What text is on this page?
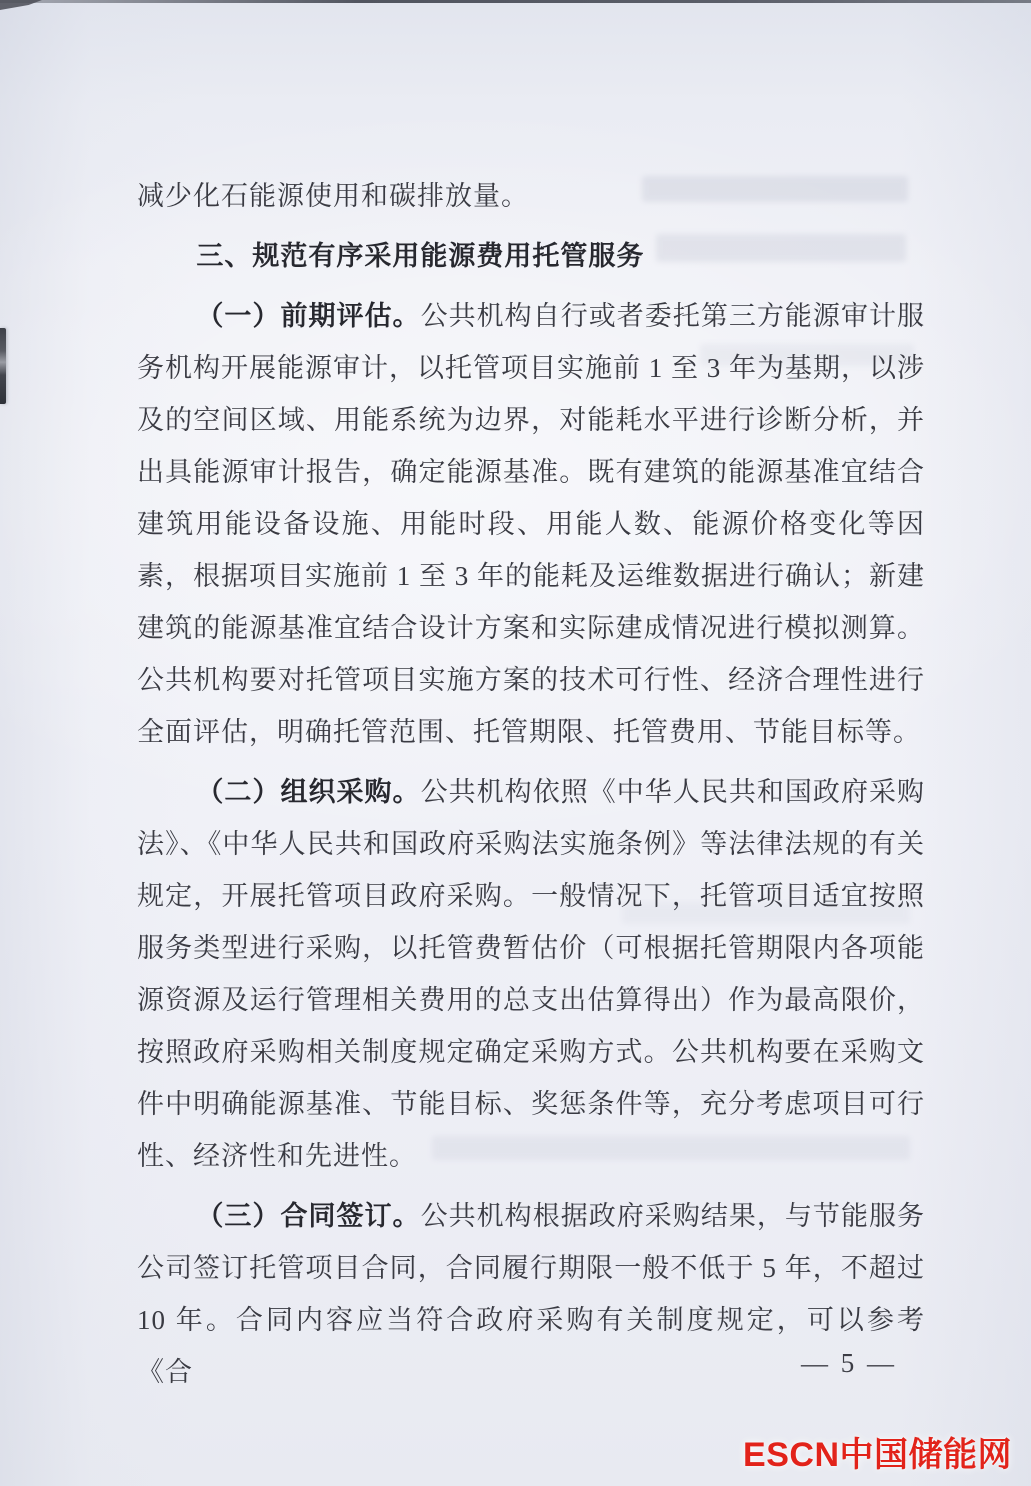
减少化石能源使用和碳排放量。

三、规范有序采用能源费用托管服务

（一）前期评估。公共机构自行或者委托第三方能源审计服务机构开展能源审计，以托管项目实施前 1 至 3 年为基期，以涉及的空间区域、用能系统为边界，对能耗水平进行诊断分析，并出具能源审计报告，确定能源基准。既有建筑的能源基准宜结合建筑用能设备设施、用能时段、用能人数、能源价格变化等因素，根据项目实施前 1 至 3 年的能耗及运维数据进行确认；新建建筑的能源基准宜结合设计方案和实际建成情况进行模拟测算。公共机构要对托管项目实施方案的技术可行性、经济合理性进行全面评估，明确托管范围、托管期限、托管费用、节能目标等。

（二）组织采购。公共机构依照《中华人民共和国政府采购法》、《中华人民共和国政府采购法实施条例》等法律法规的有关规定，开展托管项目政府采购。一般情况下，托管项目适宜按照服务类型进行采购，以托管费暂估价（可根据托管期限内各项能源资源及运行管理相关费用的总支出估算得出）作为最高限价，按照政府采购相关制度规定确定采购方式。公共机构要在采购文件中明确能源基准、节能目标、奖惩条件等，充分考虑项目可行性、经济性和先进性。

（三）合同签订。公共机构根据政府采购结果，与节能服务公司签订托管项目合同，合同履行期限一般不低于 5 年，不超过 10 年。合同内容应当符合政府采购有关制度规定，可以参考《合	— 5 —
ESCN中国储能网
